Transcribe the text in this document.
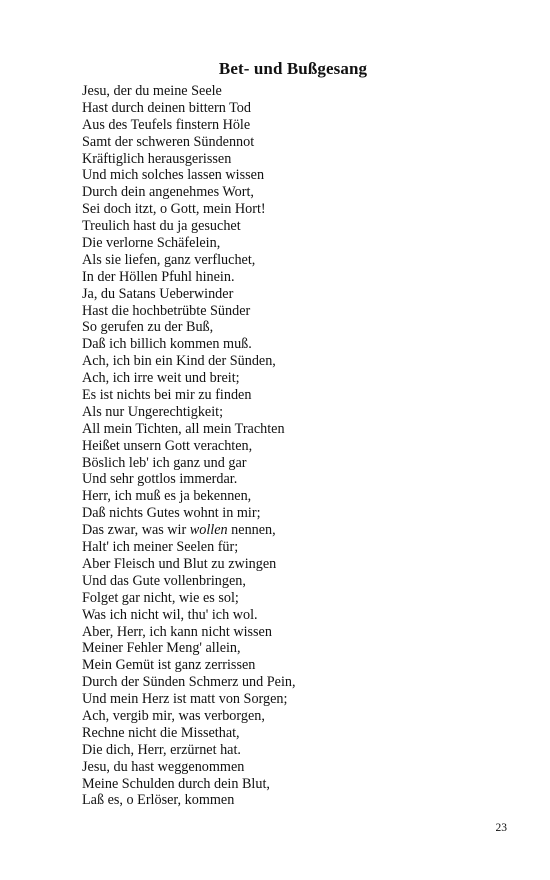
Bet- und Bußgesang
Jesu, der du meine Seele
Hast durch deinen bittern Tod
Aus des Teufels finstern Höle
Samt der schweren Sündennot
Kräftiglich herausgerissen
Und mich solches lassen wissen
Durch dein angenehmes Wort,
Sei doch itzt, o Gott, mein Hort!
Treulich hast du ja gesuchet
Die verlorne Schäfelein,
Als sie liefen, ganz verfluchet,
In der Höllen Pfuhl hinein.
Ja, du Satans Ueberwinder
Hast die hochbetrübte Sünder
So gerufen zu der Buß,
Daß ich billich kommen muß.
Ach, ich bin ein Kind der Sünden,
Ach, ich irre weit und breit;
Es ist nichts bei mir zu finden
Als nur Ungerechtigkeit;
All mein Tichten, all mein Trachten
Heißet unsern Gott verachten,
Böslich leb' ich ganz und gar
Und sehr gottlos immerdar.
Herr, ich muß es ja bekennen,
Daß nichts Gutes wohnt in mir;
Das zwar, was wir wollen nennen,
Halt' ich meiner Seelen für;
Aber Fleisch und Blut zu zwingen
Und das Gute vollenbringen,
Folget gar nicht, wie es sol;
Was ich nicht wil, thu' ich wol.
Aber, Herr, ich kann nicht wissen
Meiner Fehler Meng' allein,
Mein Gemüt ist ganz zerrissen
Durch der Sünden Schmerz und Pein,
Und mein Herz ist matt von Sorgen;
Ach, vergib mir, was verborgen,
Rechne nicht die Missethat,
Die dich, Herr, erzürnet hat.
Jesu, du hast weggenommen
Meine Schulden durch dein Blut,
Laß es, o Erlöser, kommen
23
